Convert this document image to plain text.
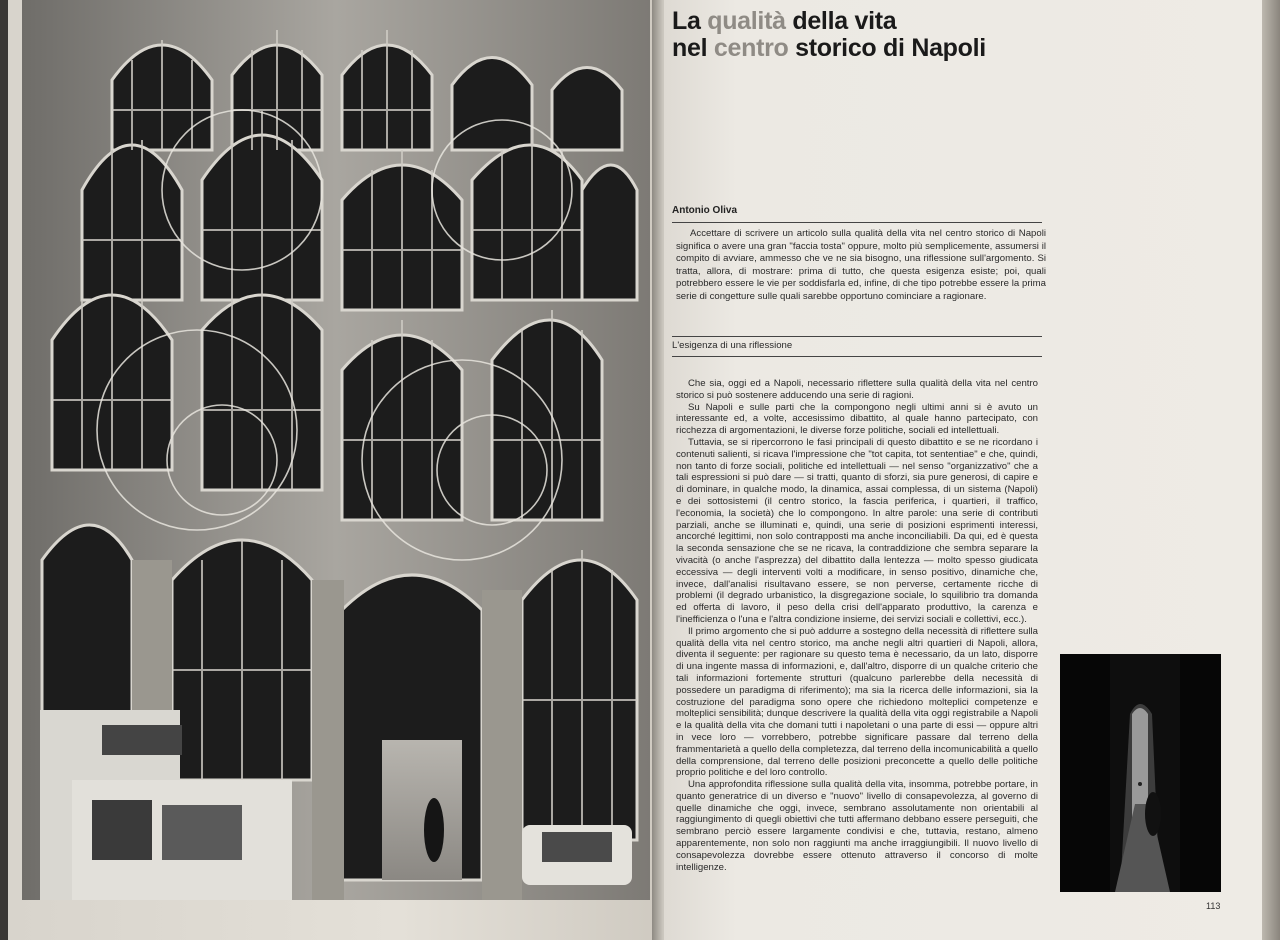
La qualità della vita
nel centro storico di Napoli
Antonio Oliva
Accettare di scrivere un articolo sulla qualità della vita nel centro storico di Napoli significa o avere una gran "faccia tosta" oppure, molto più semplicemente, assumersi il compito di avviare, ammesso che ve ne sia bisogno, una riflessione sull'argomento. Si tratta, allora, di mostrare: prima di tutto, che questa esigenza esiste; poi, quali potrebbero essere le vie per soddisfarla ed, infine, di che tipo potrebbe essere la prima serie di congetture sulle quali sarebbe opportuno cominciare a ragionare.
L'esigenza di una riflessione

Che sia, oggi ed a Napoli, necessario riflettere sulla qualità della vita nel centro storico si può sostenere adducendo una serie di ragioni.

Su Napoli e sulle parti che la compongono negli ultimi anni si è avuto un interessante ed, a volte, accesissimo dibattito, al quale hanno partecipato, con ricchezza di argomentazioni, le diverse forze politiche, sociali ed intellettuali.

Tuttavia, se si ripercorrono le fasi principali di questo dibattito e se ne ricordano i contenuti salienti, si ricava l'impressione che "tot capita, tot sententiae" e che, quindi, non tanto di forze sociali, politiche ed intellettuali — nel senso "organizzativo" che a tali espressioni si può dare — si tratti, quanto di sforzi, sia pure generosi, di capire e di dominare, in qualche modo, la dinamica, assai complessa, di un sistema (Napoli) e dei sottosistemi (il centro storico, la fascia periferica, i quartieri, il traffico, l'economia, la società) che lo compongono. In altre parole: una serie di contributi parziali, anche se illuminati e, quindi, una serie di posizioni esprimenti interessi, ancorché legittimi, non solo contrapposti ma anche inconciliabili. Da qui, ed è questa la seconda sensazione che se ne ricava, la contraddizione che sembra separare la vivacità (o anche l'asprezza) del dibattito dalla lentezza — molto spesso giudicata eccessiva — degli interventi volti a modificare, in senso positivo, dinamiche che, invece, dall'analisi risultavano essere, se non perverse, certamente ricche di problemi (il degrado urbanistico, la disgregazione sociale, lo squilibrio tra domanda ed offerta di lavoro, il peso della crisi dell'apparato produttivo, la carenza e l'inefficienza o l'una e l'altra condizione insieme, dei servizi sociali e collettivi, ecc.).

Il primo argomento che si può addurre a sostegno della necessità di riflettere sulla qualità della vita nel centro storico, ma anche negli altri quartieri di Napoli, allora, diventa il seguente: per ragionare su questo tema è necessario, da un lato, disporre di una ingente massa di informazioni, e, dall'altro, disporre di un qualche criterio che tali informazioni fortemente strutturi (qualcuno parlerebbe della necessità di possedere un paradigma di riferimento); ma sia la ricerca delle informazioni, sia la costruzione del paradigma sono opere che richiedono molteplici competenze e molteplici sensibilità; dunque descrivere la qualità della vita oggi registrabile a Napoli e la qualità della vita che domani tutti i napoletani o una parte di essi — oppure altri in vece loro — vorrebbero, potrebbe significare passare dal terreno della frammentarietà a quello della completezza, dal terreno della incomunicabilità a quello della comprensione, dal terreno delle posizioni preconcette a quello delle politiche proprio politiche e del loro controllo.

Una approfondita riflessione sulla qualità della vita, insomma, potrebbe portare, in quanto generatrice di un diverso e "nuovo" livello di consapevolezza, al governo di quelle dinamiche che oggi, invece, sembrano assolutamente non orientabili al raggiungimento di quegli obiettivi che tutti affermano debbano essere perseguiti, che sembrano perciò essere largamente condivisi e che, tuttavia, restano, almeno apparentemente, non solo non raggiunti ma anche irraggiungibili. Il nuovo livello di consapevolezza dovrebbe essere ottenuto attraverso il concorso di molte intelligenze.

113
